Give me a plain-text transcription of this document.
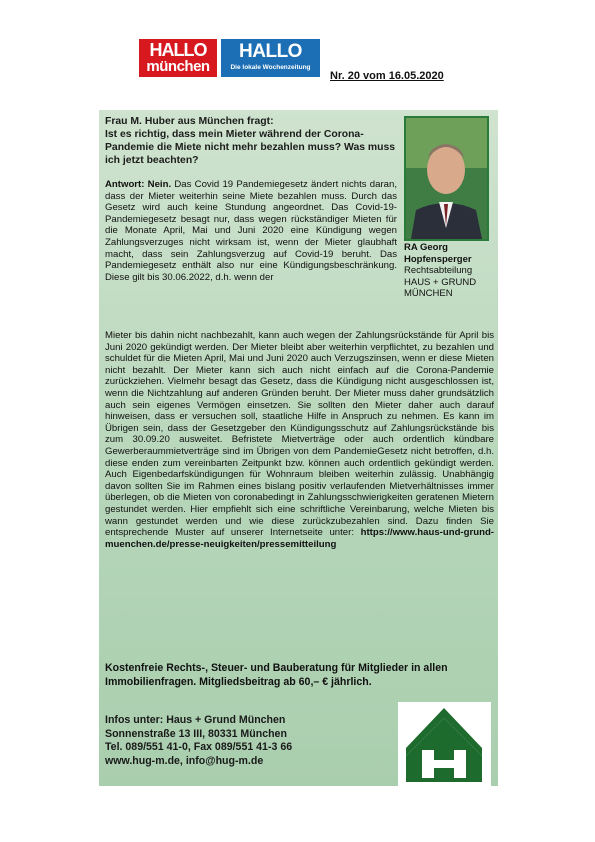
HALLO
münchen
HALLO
Die lokale Wochenzeitung
Nr. 20 vom 16.05.2020
Frau M. Huber aus München fragt:
Ist es richtig, dass mein Mieter während der Corona-Pandemie die Miete nicht mehr bezahlen muss? Was muss ich jetzt beachten?
RA Georg
Hopfensperger
Rechtsabteilung
HAUS + GRUND
MÜNCHEN
Antwort: Nein. Das Covid 19 Pandemiegesetz ändert nichts daran, dass der Mieter weiterhin seine Miete bezahlen muss. Durch das Gesetz wird auch keine Stundung angeordnet. Das Covid-19-Pandemiegesetz besagt nur, dass wegen rückständiger Mieten für die Monate April, Mai und Juni 2020 eine Kündigung wegen Zahlungsverzuges nicht wirksam ist, wenn der Mieter glaubhaft macht, dass sein Zahlungsverzug auf Covid-19 beruht. Das Pandemiegesetz enthält also nur eine Kündigungsbeschränkung. Diese gilt bis 30.06.2022, d.h. wenn der
Mieter bis dahin nicht nachbezahlt, kann auch wegen der Zahlungsrückstände für April bis Juni 2020 gekündigt werden. Der Mieter bleibt aber weiterhin verpflichtet, zu bezahlen und schuldet für die Mieten April, Mai und Juni 2020 auch Verzugszinsen, wenn er diese Mieten nicht bezahlt. Der Mieter kann sich auch nicht einfach auf die Corona-Pandemie zurückziehen. Vielmehr besagt das Gesetz, dass die Kündigung nicht ausgeschlossen ist, wenn die Nichtzahlung auf anderen Gründen beruht. Der Mieter muss daher grundsätzlich auch sein eigenes Vermögen einsetzen. Sie sollten den Mieter daher auch darauf hinweisen, dass er versuchen soll, staatliche Hilfe in Anspruch zu nehmen. Es kann im Übrigen sein, dass der Gesetzgeber den Kündigungsschutz auf Zahlungsrückstände bis zum 30.09.20 ausweitet. Befristete Mietverträge oder auch ordentlich kündbare Gewerberaummietverträge sind im Übrigen von dem PandemieGesetz nicht betroffen, d.h. diese enden zum vereinbarten Zeitpunkt bzw. können auch ordentlich gekündigt werden. Auch Eigenbedarfskündigungen für Wohnraum bleiben weiterhin zulässig. Unabhängig davon sollten Sie im Rahmen eines bislang positiv verlaufenden Mietverhältnisses immer überlegen, ob die Mieten von coronabedingt in Zahlungsschwierigkeiten geratenen Mietern gestundet werden. Hier empfiehlt sich eine schriftliche Vereinbarung, welche Mieten bis wann gestundet werden und wie diese zurückzubezahlen sind. Dazu finden Sie entsprechende Muster auf unserer Internetseite unter: https://www.haus-und-grund-muenchen.de/presse-neuigkeiten/pressemitteilung
Kostenfreie Rechts-, Steuer- und Bauberatung für Mitglieder in allen Immobilienfragen. Mitgliedsbeitrag ab 60,– € jährlich.
Infos unter: Haus + Grund München
Sonnenstraße 13 III, 80331 München
Tel. 089/551 41-0, Fax 089/551 41-3 66
www.hug-m.de, info@hug-m.de
